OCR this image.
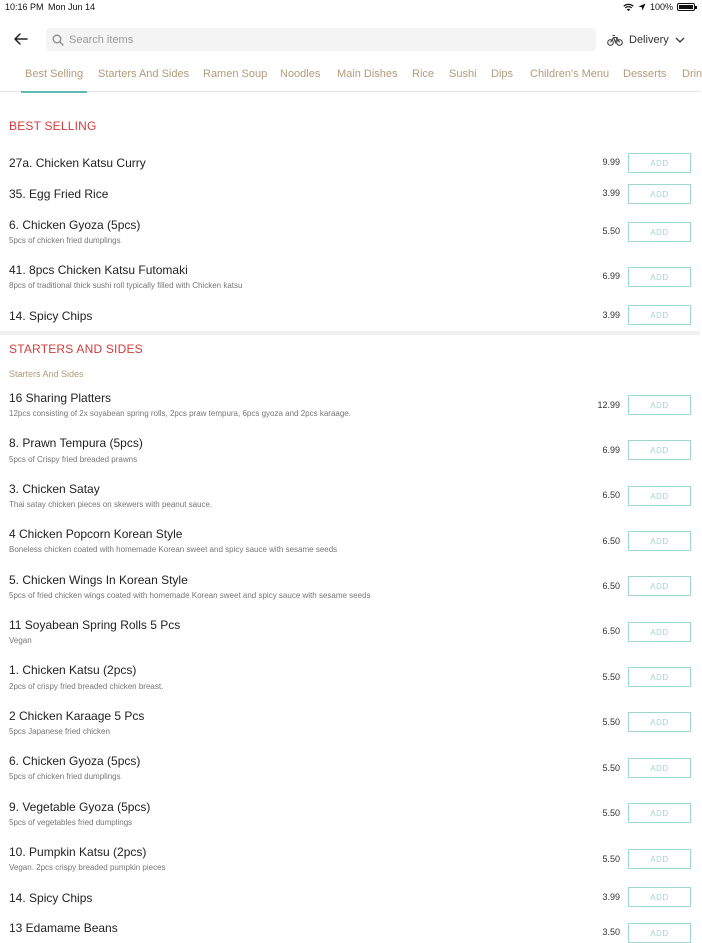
10:16 PM Mon Jun 14	100%
Search items
Delivery
Best Selling Starters And Sides Ramen Soup Noodles Main Dishes Rice Sushi Dips Children's Menu Desserts Drin
BEST SELLING
27a. Chicken Katsu Curry	9.99	ADD
35. Egg Fried Rice	3.99	ADD
6. Chicken Gyoza (5pcs)
5pcs of chicken fried dumplings
5.50	ADD
41. 8pcs Chicken Katsu Futomaki
8pcs of traditional thick sushi roll typically filled with Chicken katsu
6.99	ADD
14. Spicy Chips	3.99	ADD
STARTERS AND SIDES
Starters And Sides
16 Sharing Platters
12pcs consisting of 2x soyabean spring rolls, 2pcs praw tempura, 6pcs gyoza and 2pcs karaage.
12.99	ADD
8. Prawn Tempura (5pcs)
5pcs of Crispy fried breaded prawns
6.99	ADD
3. Chicken Satay
Thai satay chicken pieces on skewers with peanut sauce.
6.50	ADD
4 Chicken Popcorn Korean Style
Boneless chicken coated with homemade Korean sweet and spicy sauce with sesame seeds
6.50	ADD
5. Chicken Wings In Korean Style
5pcs of fried chicken wings coated with homemade Korean sweet and spicy sauce with sesame seeds
6.50	ADD
11 Soyabean Spring Rolls 5 Pcs
Vegan
6.50	ADD
1. Chicken Katsu (2pcs)
2pcs of crispy fried breaded chicken breast.
5.50	ADD
2 Chicken Karaage 5 Pcs
5pcs Japanese fried chicken
5.50	ADD
6. Chicken Gyoza (5pcs)
5pcs of chicken fried dumplings
5.50	ADD
9. Vegetable Gyoza (5pcs)
5pcs of vegetables fried dumplings
5.50	ADD
10. Pumpkin Katsu (2pcs)
Vegan. 2pcs crispy breaded pumpkin pieces
5.50	ADD
14. Spicy Chips	3.99	ADD
13 Edamame Beans	3.50	ADD
